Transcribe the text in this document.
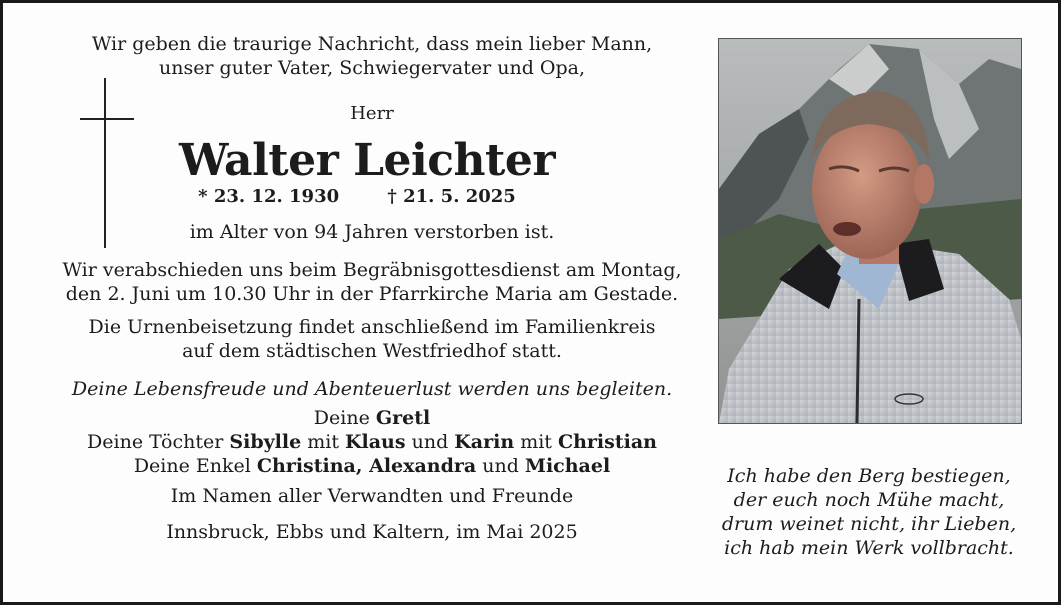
Wir geben die traurige Nachricht, dass mein lieber Mann,
unser guter Vater, Schwiegervater und Opa,
Herr
Walter Leichter
* 23. 12. 1930	† 21. 5. 2025
im Alter von 94 Jahren verstorben ist.
Wir verabschieden uns beim Begräbnisgottesdienst am Montag,
den 2. Juni um 10.30 Uhr in der Pfarrkirche Maria am Gestade.
Die Urnenbeisetzung findet anschließend im Familienkreis
auf dem städtischen Westfriedhof statt.
Deine Lebensfreude und Abenteuerlust werden uns begleiten.
Deine Gretl
Deine Töchter Sibylle mit Klaus und Karin mit Christian
Deine Enkel Christina, Alexandra und Michael
Im Namen aller Verwandten und Freunde
Innsbruck, Ebbs und Kaltern, im Mai 2025
Ich habe den Berg bestiegen,
der euch noch Mühe macht,
drum weinet nicht, ihr Lieben,
ich hab mein Werk vollbracht.
